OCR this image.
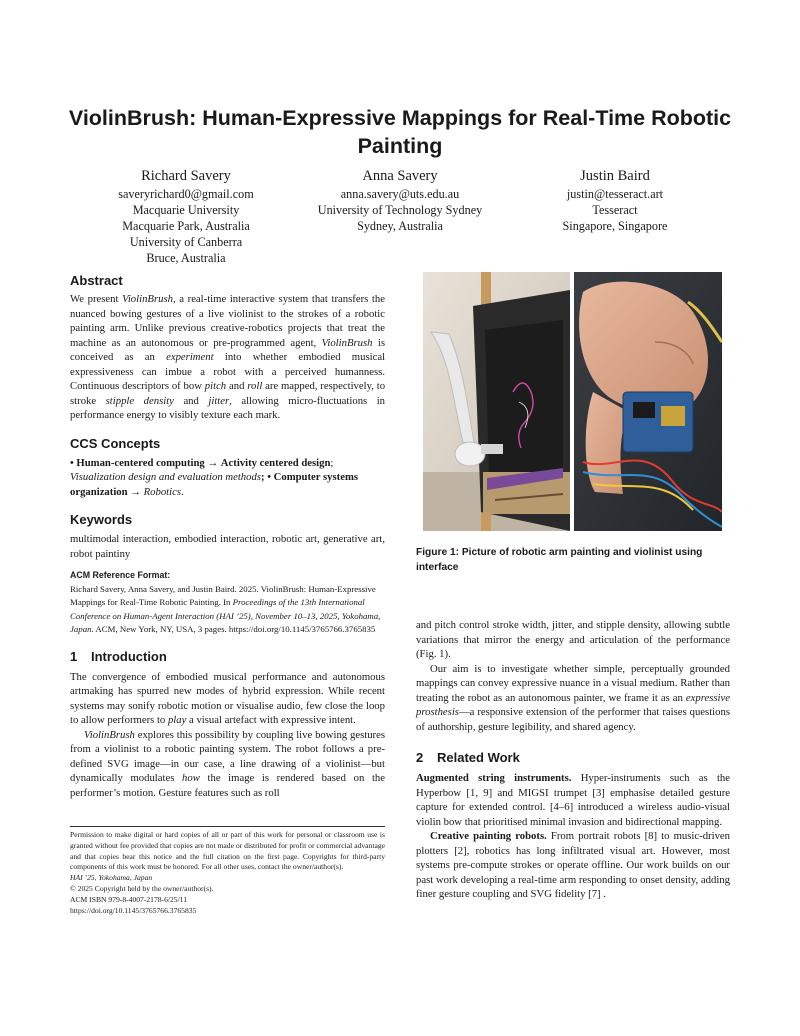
ViolinBrush: Human-Expressive Mappings for Real-Time Robotic Painting
Richard Savery
saveryrichard0@gmail.com
Macquarie University
Macquarie Park, Australia
University of Canberra
Bruce, Australia
Anna Savery
anna.savery@uts.edu.au
University of Technology Sydney
Sydney, Australia
Justin Baird
justin@tesseract.art
Tesseract
Singapore, Singapore
Abstract

We present ViolinBrush, a real-time interactive system that transfers the nuanced bowing gestures of a live violinist to the strokes of a robotic painting arm. Unlike previous creative-robotics projects that treat the machine as an autonomous or pre-programmed agent, ViolinBrush is conceived as an experiment into whether embodied musical expressiveness can imbue a robot with a perceived humanness. Continuous descriptors of bow pitch and roll are mapped, respectively, to stroke stipple density and jitter, allowing micro-fluctuations in performance energy to visibly texture each mark.

CCS Concepts

• Human-centered computing → Activity centered design; Visualization design and evaluation methods; • Computer systems organization → Robotics.

Keywords

multimodal interaction, embodied interaction, robotic art, generative art, robot paintiny

ACM Reference Format:

Richard Savery, Anna Savery, and Justin Baird. 2025. ViolinBrush: Human-Expressive Mappings for Real-Time Robotic Painting. In Proceedings of the 13th International Conference on Human-Agent Interaction (HAI ’25), November 10–13, 2025, Yokohama, Japan. ACM, New York, NY, USA, 3 pages. https://doi.org/10.1145/3765766.3765835

1 Introduction

The convergence of embodied musical performance and autonomous artmaking has spurred new modes of hybrid expression. While recent systems may sonify robotic motion or visualise audio, few close the loop to allow performers to play a visual artefact with expressive intent.

ViolinBrush explores this possibility by coupling live bowing gestures from a violinist to a robotic painting system. The robot follows a pre-defined SVG image—in our case, a line drawing of a violinist—but dynamically modulates how the image is rendered based on the performer’s motion. Gesture features such as roll

Figure 1: Picture of robotic arm painting and violinist using interface

and pitch control stroke width, jitter, and stipple density, allowing subtle variations that mirror the energy and articulation of the performance (Fig. 1).

Our aim is to investigate whether simple, perceptually grounded mappings can convey expressive nuance in a visual medium. Rather than treating the robot as an autonomous painter, we frame it as an expressive prosthesis—a responsive extension of the performer that raises questions of authorship, gesture legibility, and shared agency.

2 Related Work

Augmented string instruments. Hyper-instruments such as the Hyperbow [1, 9] and MIGSI trumpet [3] emphasise detailed gesture capture for extended control. [4–6] introduced a wireless audio-visual violin bow that prioritised minimal invasion and bidirectional mapping.

Creative painting robots. From portrait robots [8] to music-driven plotters [2], robotics has long infiltrated visual art. However, most systems pre-compute strokes or operate offline. Our work builds on our past work developing a real-time arm responding to onset density, adding finer gesture coupling and SVG fidelity [7] .

Permission to make digital or hard copies of all or part of this work for personal or classroom use is granted without fee provided that copies are not made or distributed for profit or commercial advantage and that copies bear this notice and the full citation on the first page. Copyrights for third-party components of this work must be honored. For all other uses, contact the owner/author(s).

HAI ’25, Yokohama, Japan
© 2025 Copyright held by the owner/author(s).
ACM ISBN 979-8-4007-2178-6/25/11
https://doi.org/10.1145/3765766.3765835
